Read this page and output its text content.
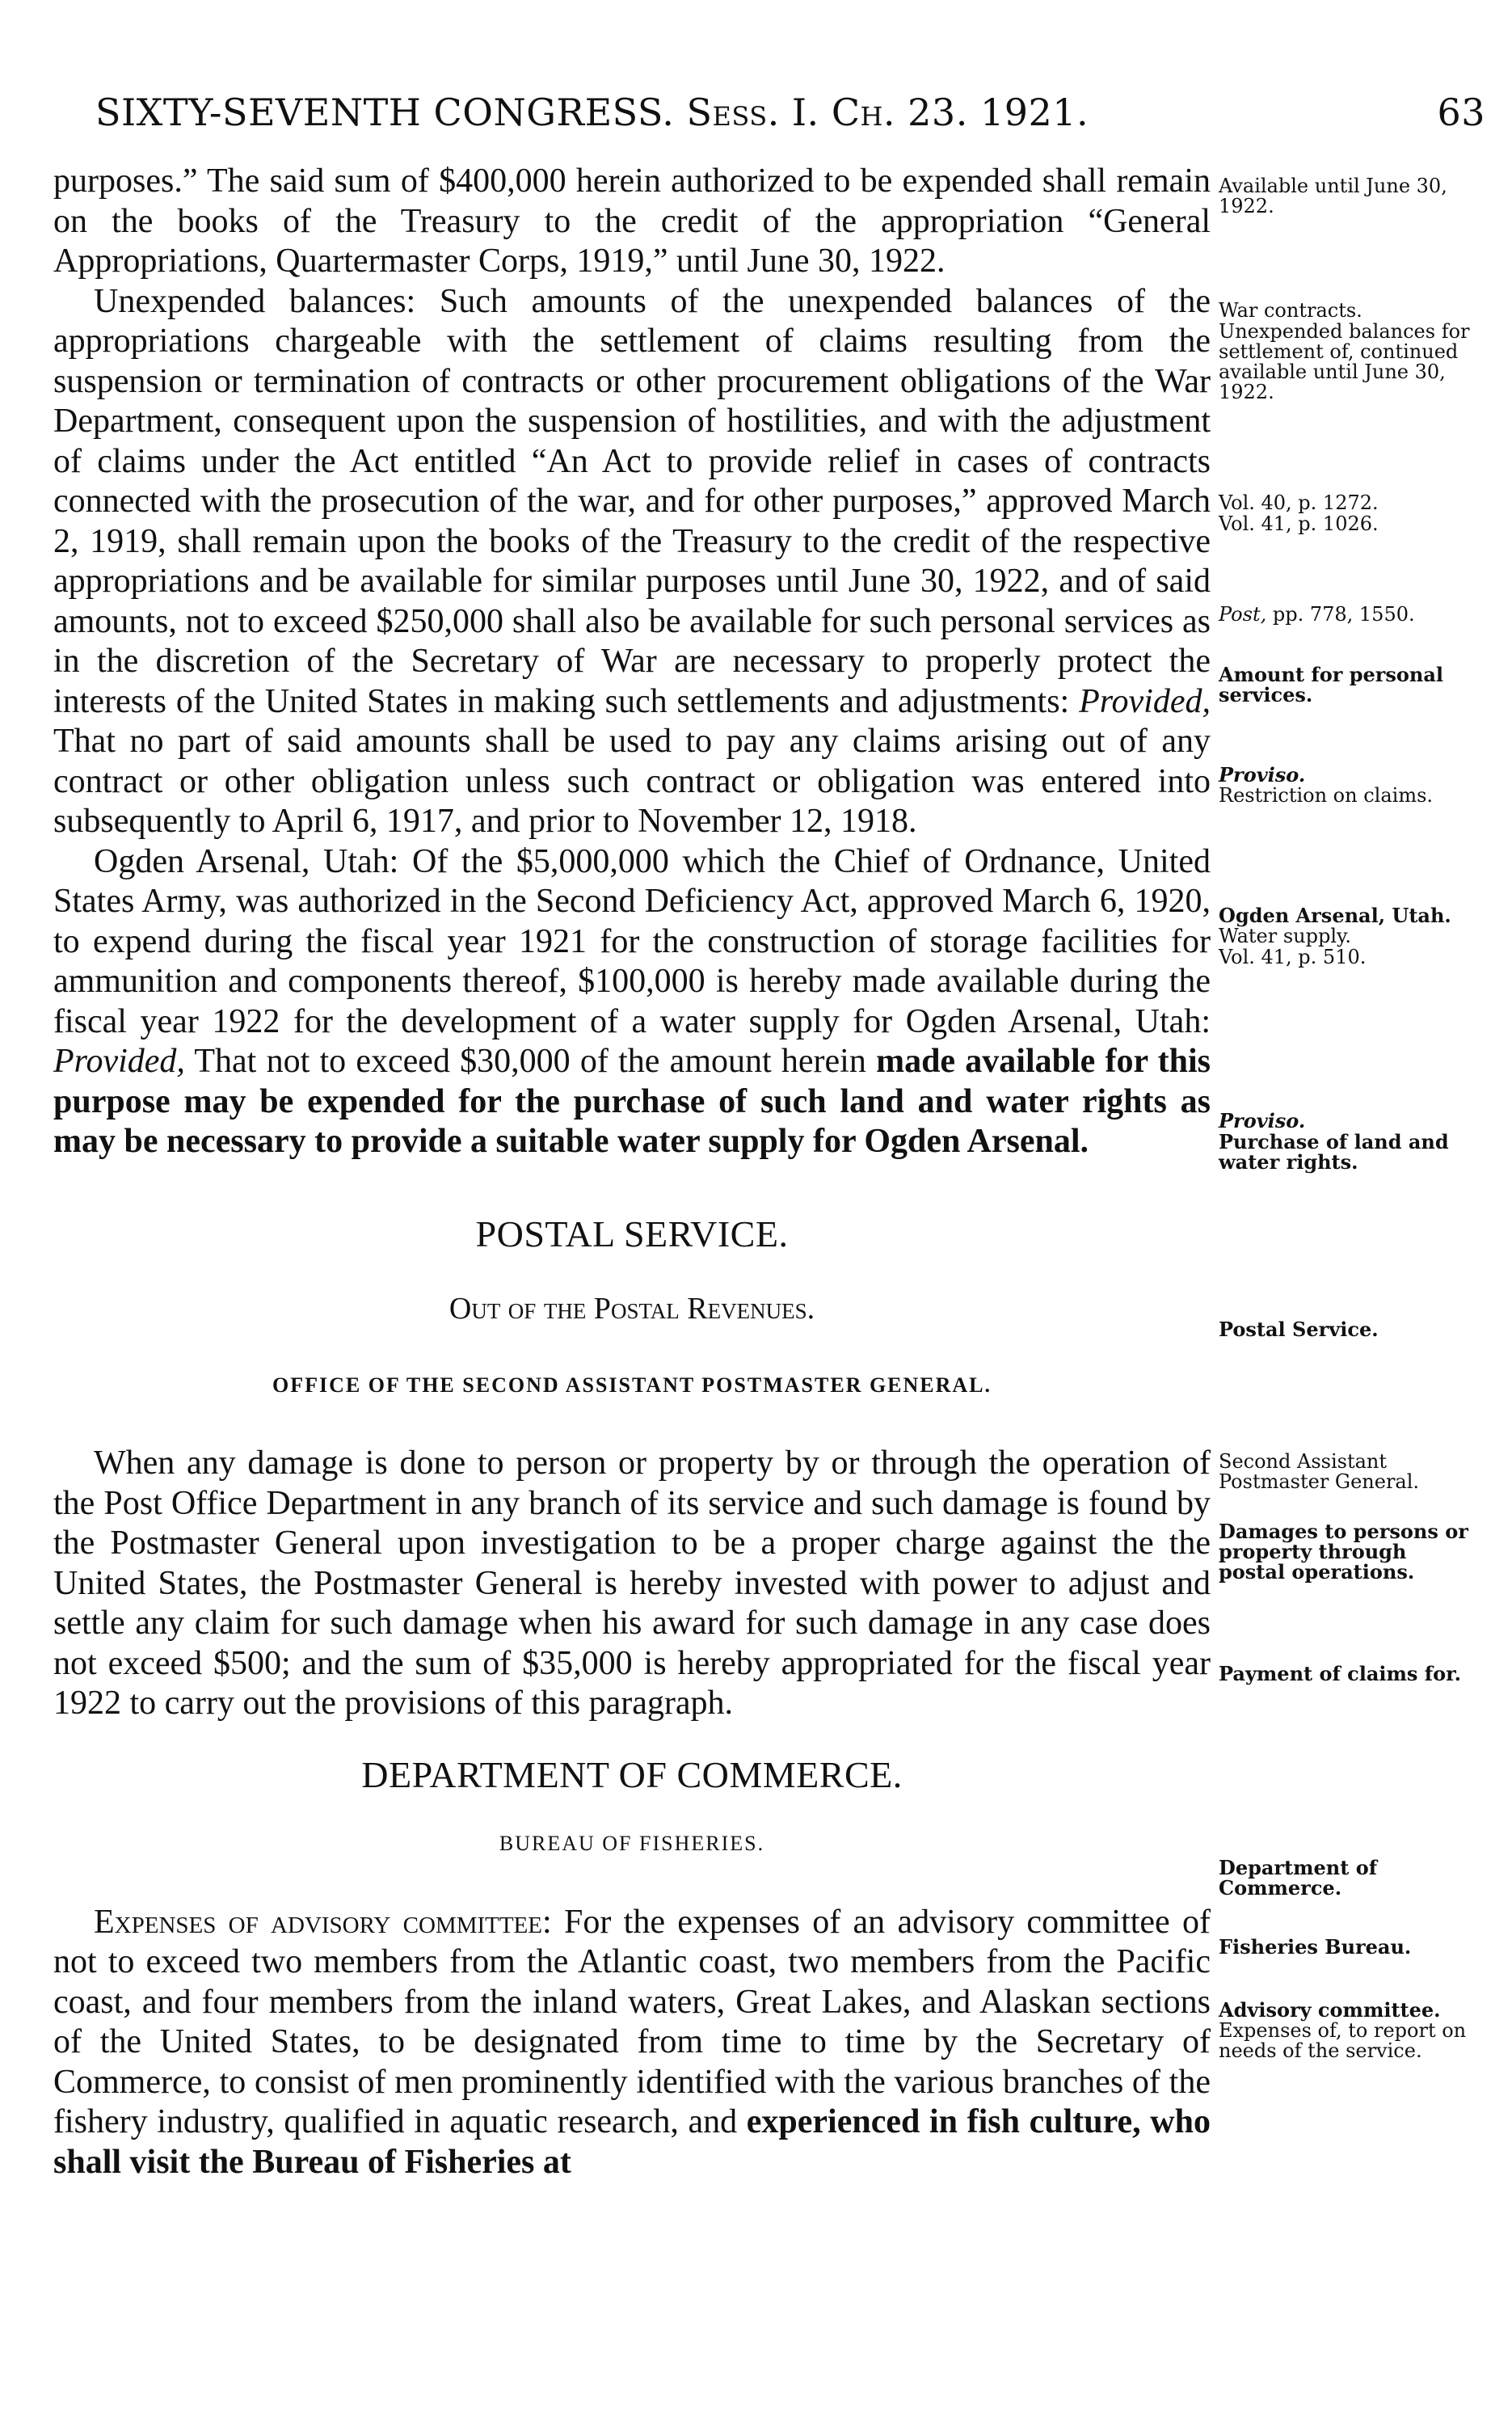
SIXTY-SEVENTH CONGRESS. Sess. I. Ch. 23. 1921.	63

purposes.” The said sum of $400,000 herein authorized to be expended shall remain on the books of the Treasury to the credit of the appropriation “General Appropriations, Quartermaster Corps, 1919,” until June 30, 1922.

Unexpended balances: Such amounts of the unexpended balances of the appropriations chargeable with the settlement of claims resulting from the suspension or termination of contracts or other procurement obligations of the War Department, consequent upon the suspension of hostilities, and with the adjustment of claims under the Act entitled “An Act to provide relief in cases of contracts connected with the prosecution of the war, and for other purposes,” approved March 2, 1919, shall remain upon the books of the Treasury to the credit of the respective appropriations and be available for similar purposes until June 30, 1922, and of said amounts, not to exceed $250,000 shall also be available for such personal services as in the discretion of the Secretary of War are necessary to properly protect the interests of the United States in making such settlements and adjustments: Provided, That no part of said amounts shall be used to pay any claims arising out of any contract or other obligation unless such contract or obligation was entered into subsequently to April 6, 1917, and prior to November 12, 1918.

Ogden Arsenal, Utah: Of the $5,000,000 which the Chief of Ordnance, United States Army, was authorized in the Second Deficiency Act, approved March 6, 1920, to expend during the fiscal year 1921 for the construction of storage facilities for ammunition and components thereof, $100,000 is hereby made available during the fiscal year 1922 for the development of a water supply for Ogden Arsenal, Utah: Provided, That not to exceed $30,000 of the amount herein made available for this purpose may be expended for the purchase of such land and water rights as may be necessary to provide a suitable water supply for Ogden Arsenal.

POSTAL SERVICE.

Out of the Postal Revenues.

OFFICE OF THE SECOND ASSISTANT POSTMASTER GENERAL.

When any damage is done to person or property by or through the operation of the Post Office Department in any branch of its service and such damage is found by the Postmaster General upon investigation to be a proper charge against the the United States, the Postmaster General is hereby invested with power to adjust and settle any claim for such damage when his award for such damage in any case does not exceed $500; and the sum of $35,000 is hereby appropriated for the fiscal year 1922 to carry out the provisions of this paragraph.

DEPARTMENT OF COMMERCE.

BUREAU OF FISHERIES.

Expenses of advisory committee: For the expenses of an advisory committee of not to exceed two members from the Atlantic coast, two members from the Pacific coast, and four members from the inland waters, Great Lakes, and Alaskan sections of the United States, to be designated from time to time by the Secretary of Commerce, to consist of men prominently identified with the various branches of the fishery industry, qualified in aquatic research, and experienced in fish culture, who shall visit the Bureau of Fisheries at

Available until June 30, 1922.
War contracts.
Unexpended balances for settlement of, continued available until June 30, 1922.
Vol. 40, p. 1272.
Vol. 41, p. 1026.
Post, pp. 778, 1550.
Amount for personal services.
Proviso.
Restriction on claims.
Ogden Arsenal, Utah.
Water supply.
Vol. 41, p. 510.
Proviso.
Purchase of land and water rights.
Postal Service.
Second Assistant Postmaster General.
Damages to persons or property through postal operations.
Payment of claims for.
Department of Commerce.
Fisheries Bureau.
Advisory committee.
Expenses of, to report on needs of the service.
